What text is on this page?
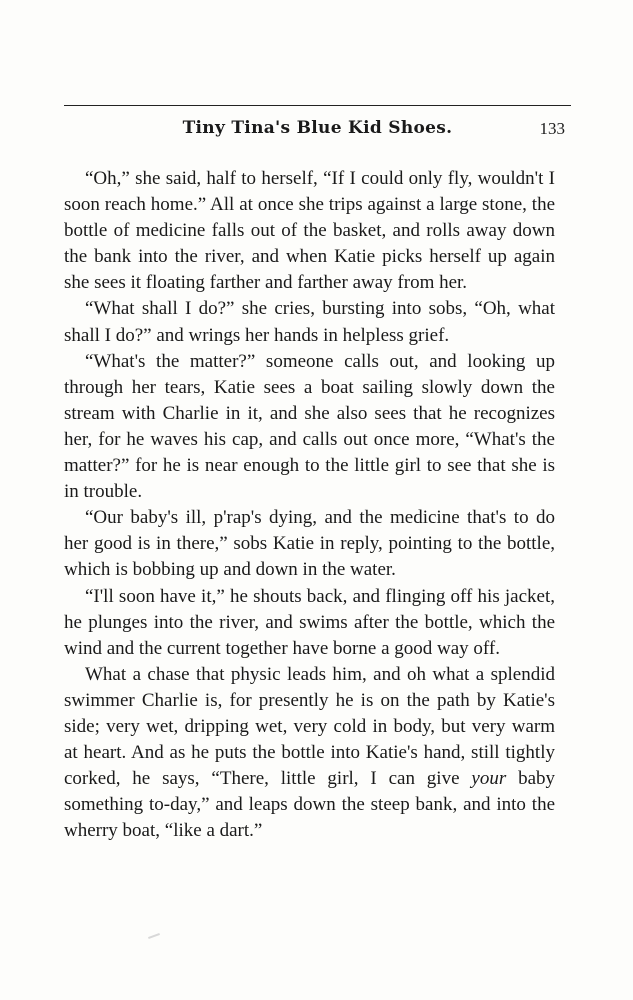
Tiny Tina's Blue Kid Shoes.	133

“Oh,” she said, half to herself, “If I could only fly, wouldn't I soon reach home.” All at once she trips against a large stone, the bottle of medicine falls out of the basket, and rolls away down the bank into the river, and when Katie picks herself up again she sees it floating farther and farther away from her.

“What shall I do?” she cries, bursting into sobs, “Oh, what shall I do?” and wrings her hands in helpless grief.

“What's the matter?” someone calls out, and looking up through her tears, Katie sees a boat sailing slowly down the stream with Charlie in it, and she also sees that he recognizes her, for he waves his cap, and calls out once more, “What's the matter?” for he is near enough to the little girl to see that she is in trouble.

“Our baby's ill, p'rap's dying, and the medicine that's to do her good is in there,” sobs Katie in reply, pointing to the bottle, which is bobbing up and down in the water.

“I'll soon have it,” he shouts back, and flinging off his jacket, he plunges into the river, and swims after the bottle, which the wind and the current together have borne a good way off.

What a chase that physic leads him, and oh what a splendid swimmer Charlie is, for presently he is on the path by Katie's side; very wet, dripping wet, very cold in body, but very warm at heart. And as he puts the bottle into Katie's hand, still tightly corked, he says, “There, little girl, I can give your baby something to-day,” and leaps down the steep bank, and into the wherry boat, “like a dart.”
